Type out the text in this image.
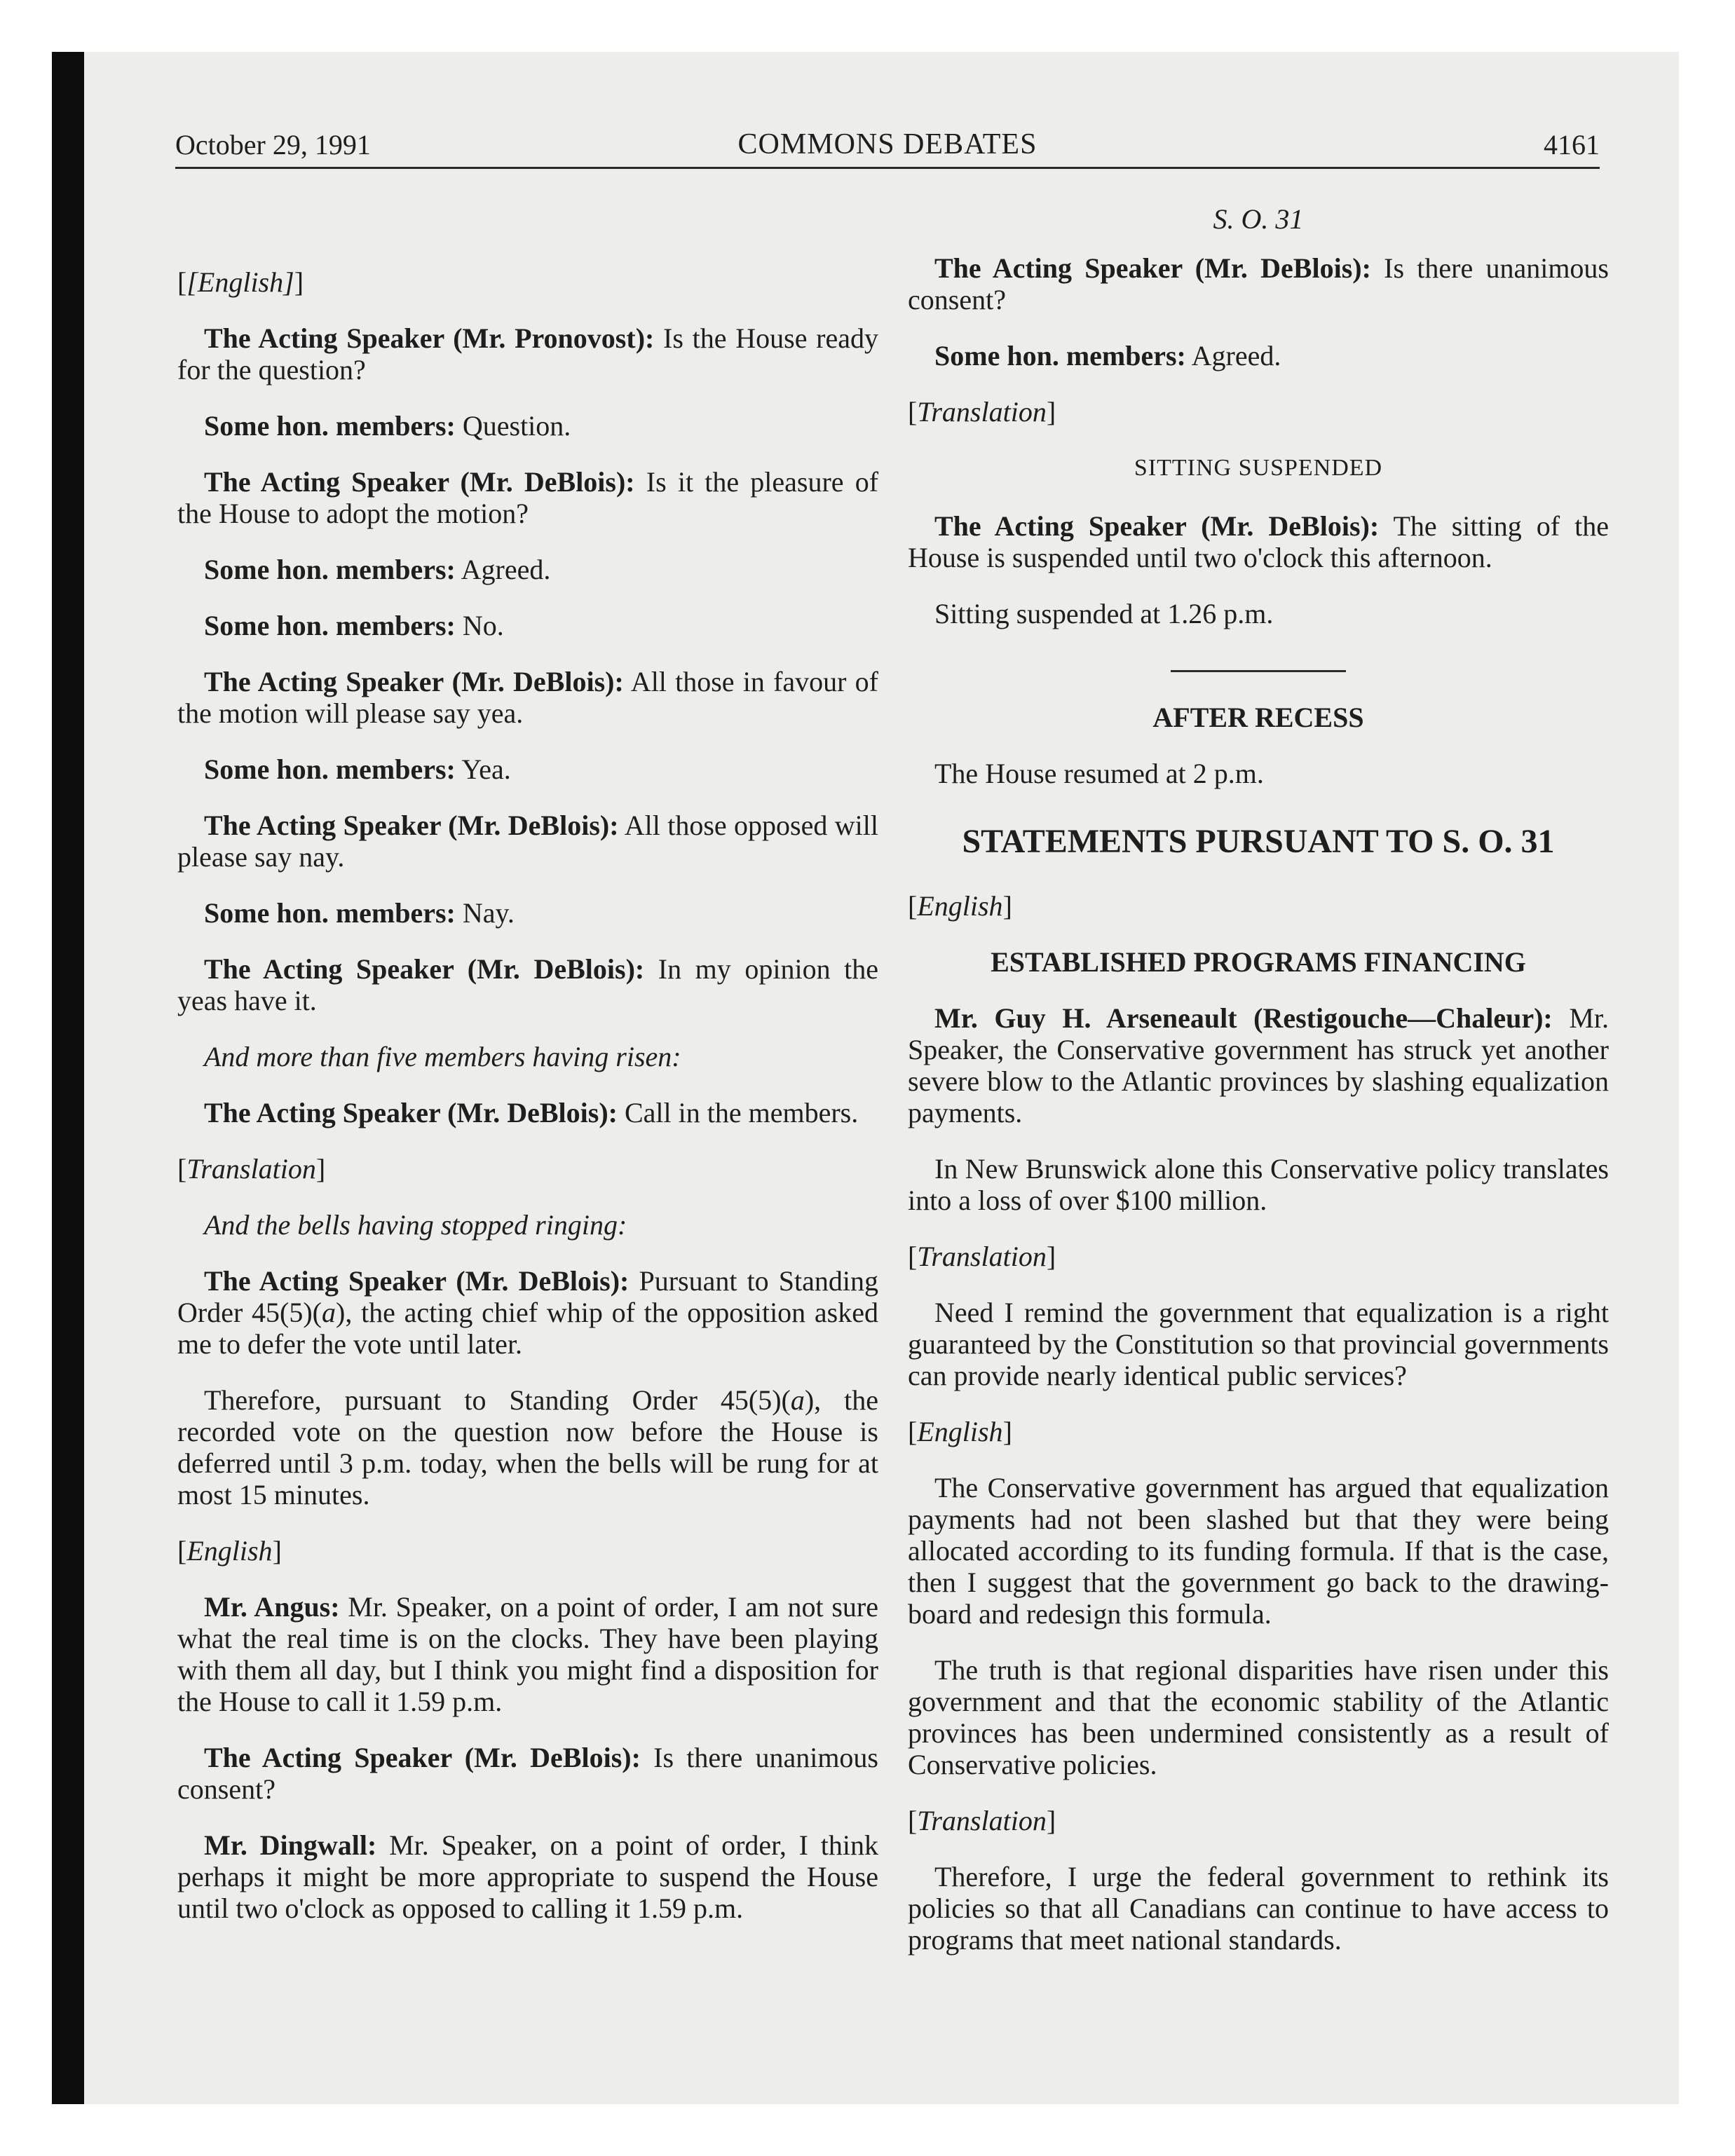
October 29, 1991	COMMONS DEBATES	4161

[[English]]

The Acting Speaker (Mr. Pronovost): Is the House ready for the question?

Some hon. members: Question.

The Acting Speaker (Mr. DeBlois): Is it the pleasure of the House to adopt the motion?

Some hon. members: Agreed.

Some hon. members: No.

The Acting Speaker (Mr. DeBlois): All those in favour of the motion will please say yea.

Some hon. members: Yea.

The Acting Speaker (Mr. DeBlois): All those opposed will please say nay.

Some hon. members: Nay.

The Acting Speaker (Mr. DeBlois): In my opinion the yeas have it.

And more than five members having risen:

The Acting Speaker (Mr. DeBlois): Call in the members.

[Translation]

And the bells having stopped ringing:

The Acting Speaker (Mr. DeBlois): Pursuant to Standing Order 45(5)(a), the acting chief whip of the opposition asked me to defer the vote until later.

Therefore, pursuant to Standing Order 45(5)(a), the recorded vote on the question now before the House is deferred until 3 p.m. today, when the bells will be rung for at most 15 minutes.

[English]

Mr. Angus: Mr. Speaker, on a point of order, I am not sure what the real time is on the clocks. They have been playing with them all day, but I think you might find a disposition for the House to call it 1.59 p.m.

The Acting Speaker (Mr. DeBlois): Is there unanimous consent?

Mr. Dingwall: Mr. Speaker, on a point of order, I think perhaps it might be more appropriate to suspend the House until two o'clock as opposed to calling it 1.59 p.m.

S. O. 31

The Acting Speaker (Mr. DeBlois): Is there unanimous consent?

Some hon. members: Agreed.

[Translation]

SITTING SUSPENDED

The Acting Speaker (Mr. DeBlois): The sitting of the House is suspended until two o'clock this afternoon.

Sitting suspended at 1.26 p.m.

AFTER RECESS

The House resumed at 2 p.m.

STATEMENTS PURSUANT TO S. O. 31

[English]

ESTABLISHED PROGRAMS FINANCING

Mr. Guy H. Arseneault (Restigouche—Chaleur): Mr. Speaker, the Conservative government has struck yet another severe blow to the Atlantic provinces by slashing equalization payments.

In New Brunswick alone this Conservative policy translates into a loss of over $100 million.

[Translation]

Need I remind the government that equalization is a right guaranteed by the Constitution so that provincial governments can provide nearly identical public services?

[English]

The Conservative government has argued that equalization payments had not been slashed but that they were being allocated according to its funding formula. If that is the case, then I suggest that the government go back to the drawing-board and redesign this formula.

The truth is that regional disparities have risen under this government and that the economic stability of the Atlantic provinces has been undermined consistently as a result of Conservative policies.

[Translation]

Therefore, I urge the federal government to rethink its policies so that all Canadians can continue to have access to programs that meet national standards.
